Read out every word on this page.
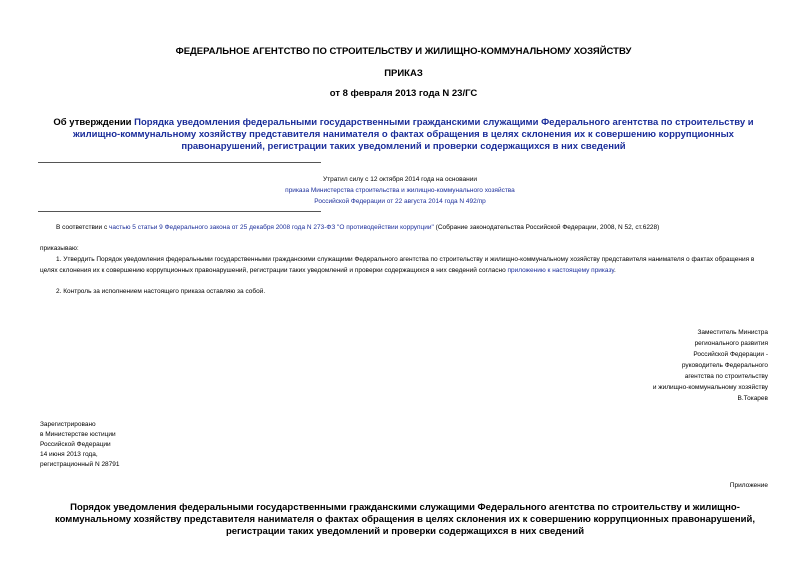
ФЕДЕРАЛЬНОЕ АГЕНТСТВО ПО СТРОИТЕЛЬСТВУ И ЖИЛИЩНО-КОММУНАЛЬНОМУ ХОЗЯЙСТВУ
ПРИКАЗ
от 8 февраля 2013 года N 23/ГС
Об утверждении Порядка уведомления федеральными государственными гражданскими служащими Федерального агентства по строительству и жилищно-коммунальному хозяйству представителя нанимателя о фактах обращения в целях склонения их к совершению коррупционных правонарушений, регистрации таких уведомлений и проверки содержащихся в них сведений
Утратил силу с 12 октября 2014 года на основании
приказа Министерства строительства и жилищно-коммунального хозяйства Российской Федерации от 22 августа 2014 года N 492/пр
В соответствии с частью 5 статьи 9 Федерального закона от 25 декабря 2008 года N 273-ФЗ "О противодействии коррупции" (Собрание законодательства Российской Федерации, 2008, N 52, ст.6228)
приказываю:
1. Утвердить Порядок уведомления федеральными государственными гражданскими служащими Федерального агентства по строительству и жилищно-коммунальному хозяйству представителя нанимателя о фактах обращения в целях склонения их к совершению коррупционных правонарушений, регистрации таких уведомлений и проверки содержащихся в них сведений согласно приложению к настоящему приказу.
2. Контроль за исполнением настоящего приказа оставляю за собой.
Заместитель Министра
регионального развития
Российской Федерации -
руководитель Федерального
агентства по строительству
и жилищно-коммунальному хозяйству
В.Токарев
Зарегистрировано
в Министерстве юстиции
Российской Федерации
14 июня 2013 года,
регистрационный N 28791
Приложение
Порядок уведомления федеральными государственными гражданскими служащими Федерального агентства по строительству и жилищно-коммунальному хозяйству представителя нанимателя о фактах обращения в целях склонения их к совершению коррупционных правонарушений, регистрации таких уведомлений и проверки содержащихся в них сведений
